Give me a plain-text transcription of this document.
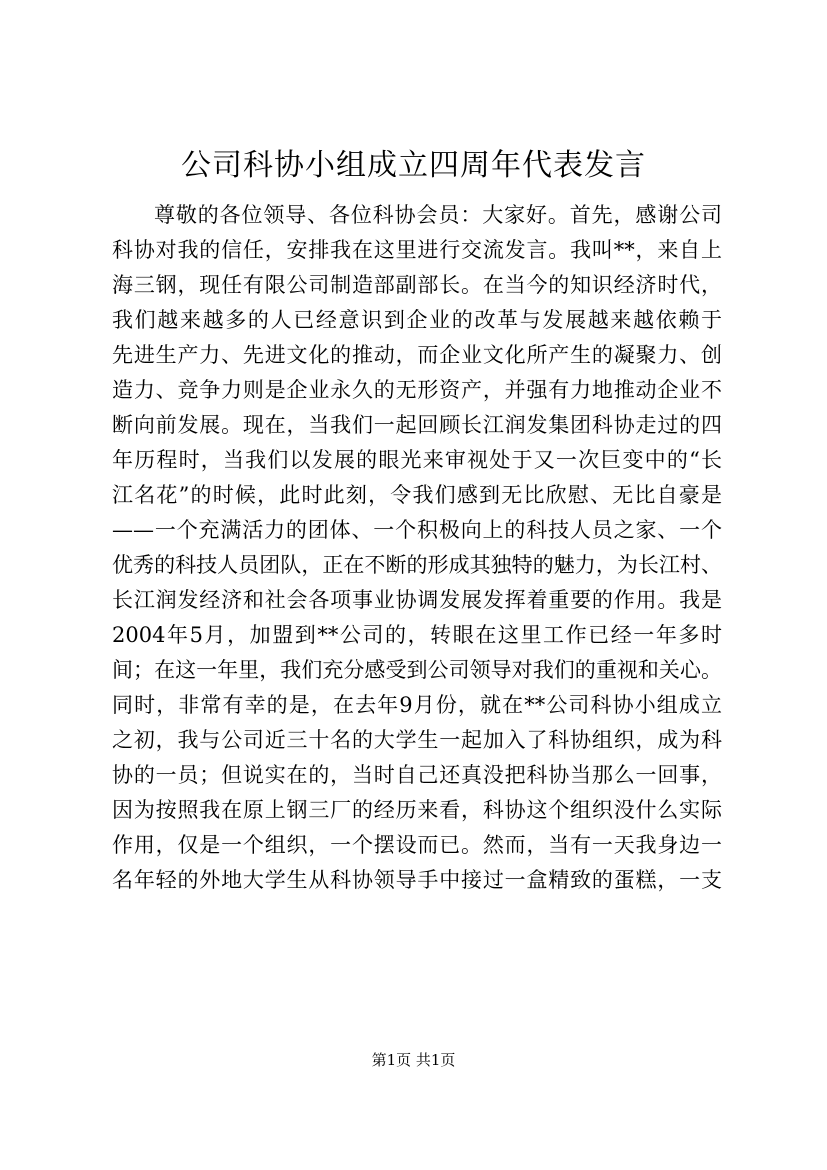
公司科协小组成立四周年代表发言
尊敬的各位领导、各位科协会员：大家好。首先，感谢公司
科协对我的信任，安排我在这里进行交流发言。我叫**，来自上
海三钢，现任有限公司制造部副部长。在当今的知识经济时代，
我们越来越多的人已经意识到企业的改革与发展越来越依赖于
先进生产力、先进文化的推动，而企业文化所产生的凝聚力、创
造力、竞争力则是企业永久的无形资产，并强有力地推动企业不
断向前发展。现在，当我们一起回顾长江润发集团科协走过的四
年历程时，当我们以发展的眼光来审视处于又一次巨变中的“长
江名花”的时候，此时此刻，令我们感到无比欣慰、无比自豪是
——一个充满活力的团体、一个积极向上的科技人员之家、一个
优秀的科技人员团队，正在不断的形成其独特的魅力，为长江村、
长江润发经济和社会各项事业协调发展发挥着重要的作用。我是
2004年5月，加盟到**公司的，转眼在这里工作已经一年多时
间；在这一年里，我们充分感受到公司领导对我们的重视和关心。
同时，非常有幸的是，在去年9月份，就在**公司科协小组成立
之初，我与公司近三十名的大学生一起加入了科协组织，成为科
协的一员；但说实在的，当时自己还真没把科协当那么一回事，
因为按照我在原上钢三厂的经历来看，科协这个组织没什么实际
作用，仅是一个组织，一个摆设而已。然而，当有一天我身边一
名年轻的外地大学生从科协领导手中接过一盒精致的蛋糕，一支
第1页 共1页
